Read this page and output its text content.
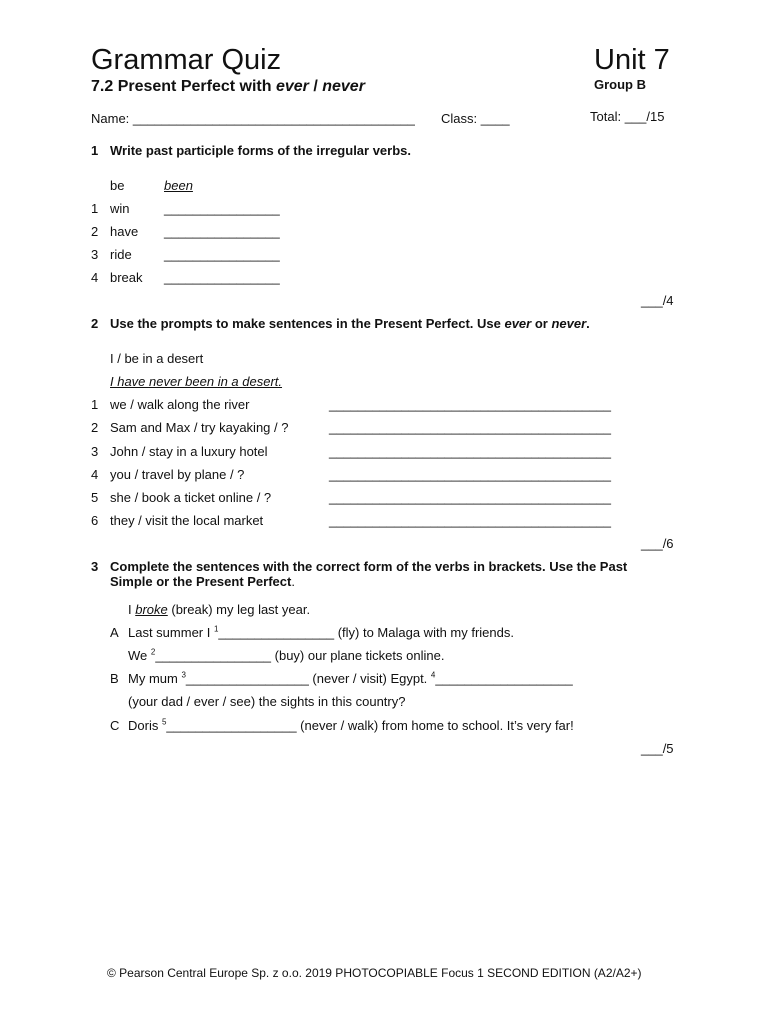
Grammar Quiz	Unit 7
7.2 Present Perfect with ever / never	Group B
Name: _______________________________________ Class: ____	Total: ___/15
1 Write past participle forms of the irregular verbs.
be	been
1 win	________________
2 have ________________
3 ride ________________
4 break ________________
___/4
2 Use the prompts to make sentences in the Present Perfect. Use ever or never.
I / be in a desert
I have never been in a desert.
1 we / walk along the river	_______________________________________
2 Sam and Max / try kayaking / ?	_______________________________________
3 John / stay in a luxury hotel	_______________________________________
4 you / travel by plane / ?	_______________________________________
5 she / book a ticket online / ?	_______________________________________
6 they / visit the local market	_______________________________________
___/6
3 Complete the sentences with the correct form of the verbs in brackets. Use the Past
Simple or the Present Perfect.
I broke (break) my leg last year.
A Last summer I $^1$________________ (fly) to Malaga with my friends.
We $^2$________________ (buy) our plane tickets online.
B My mum $^3$_________________ (never / visit) Egypt. $^4$___________________
(your dad / ever / see) the sights in this country?
C Doris $^5$__________________ (never / walk) from home to school. It’s very far!
___/5
© Pearson Central Europe Sp. z o.o. 2019 PHOTOCOPIABLE Focus 1 SECOND EDITION (A2/A2+)
